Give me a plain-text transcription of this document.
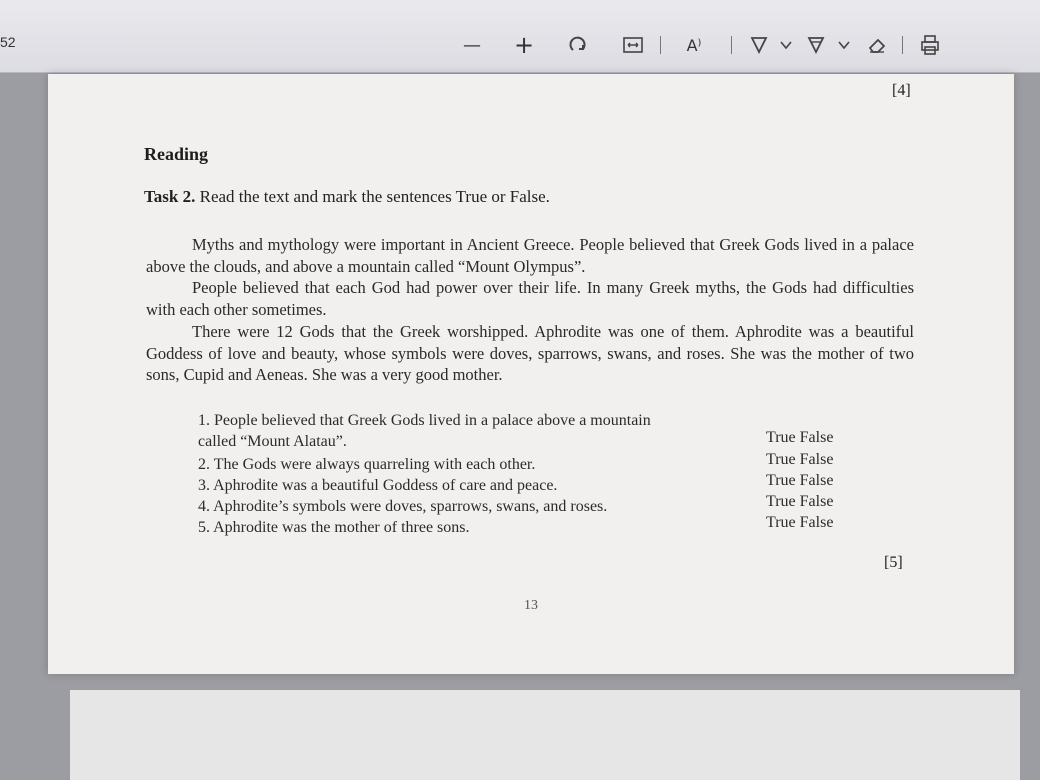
52	—	+	A⁾
[4]
Reading
Task 2. Read the text and mark the sentences True or False.
Myths and mythology were important in Ancient Greece. People believed that Greek Gods lived in a palace above the clouds, and above a mountain called “Mount Olympus”.
People believed that each God had power over their life. In many Greek myths, the Gods had difficulties with each other sometimes.
There were 12 Gods that the Greek worshipped. Aphrodite was one of them. Aphrodite was a beautiful Goddess of love and beauty, whose symbols were doves, sparrows, swans, and roses. She was the mother of two sons, Cupid and Aeneas. She was a very good mother.
1. People believed that Greek Gods lived in a palace above a mountain
called “Mount Alatau”.	True False
2. The Gods were always quarreling with each other.	True False
3. Aphrodite was a beautiful Goddess of care and peace.	True False
4. Aphrodite’s symbols were doves, sparrows, swans, and roses.	True False
5. Aphrodite was the mother of three sons.	True False
[5]
13
